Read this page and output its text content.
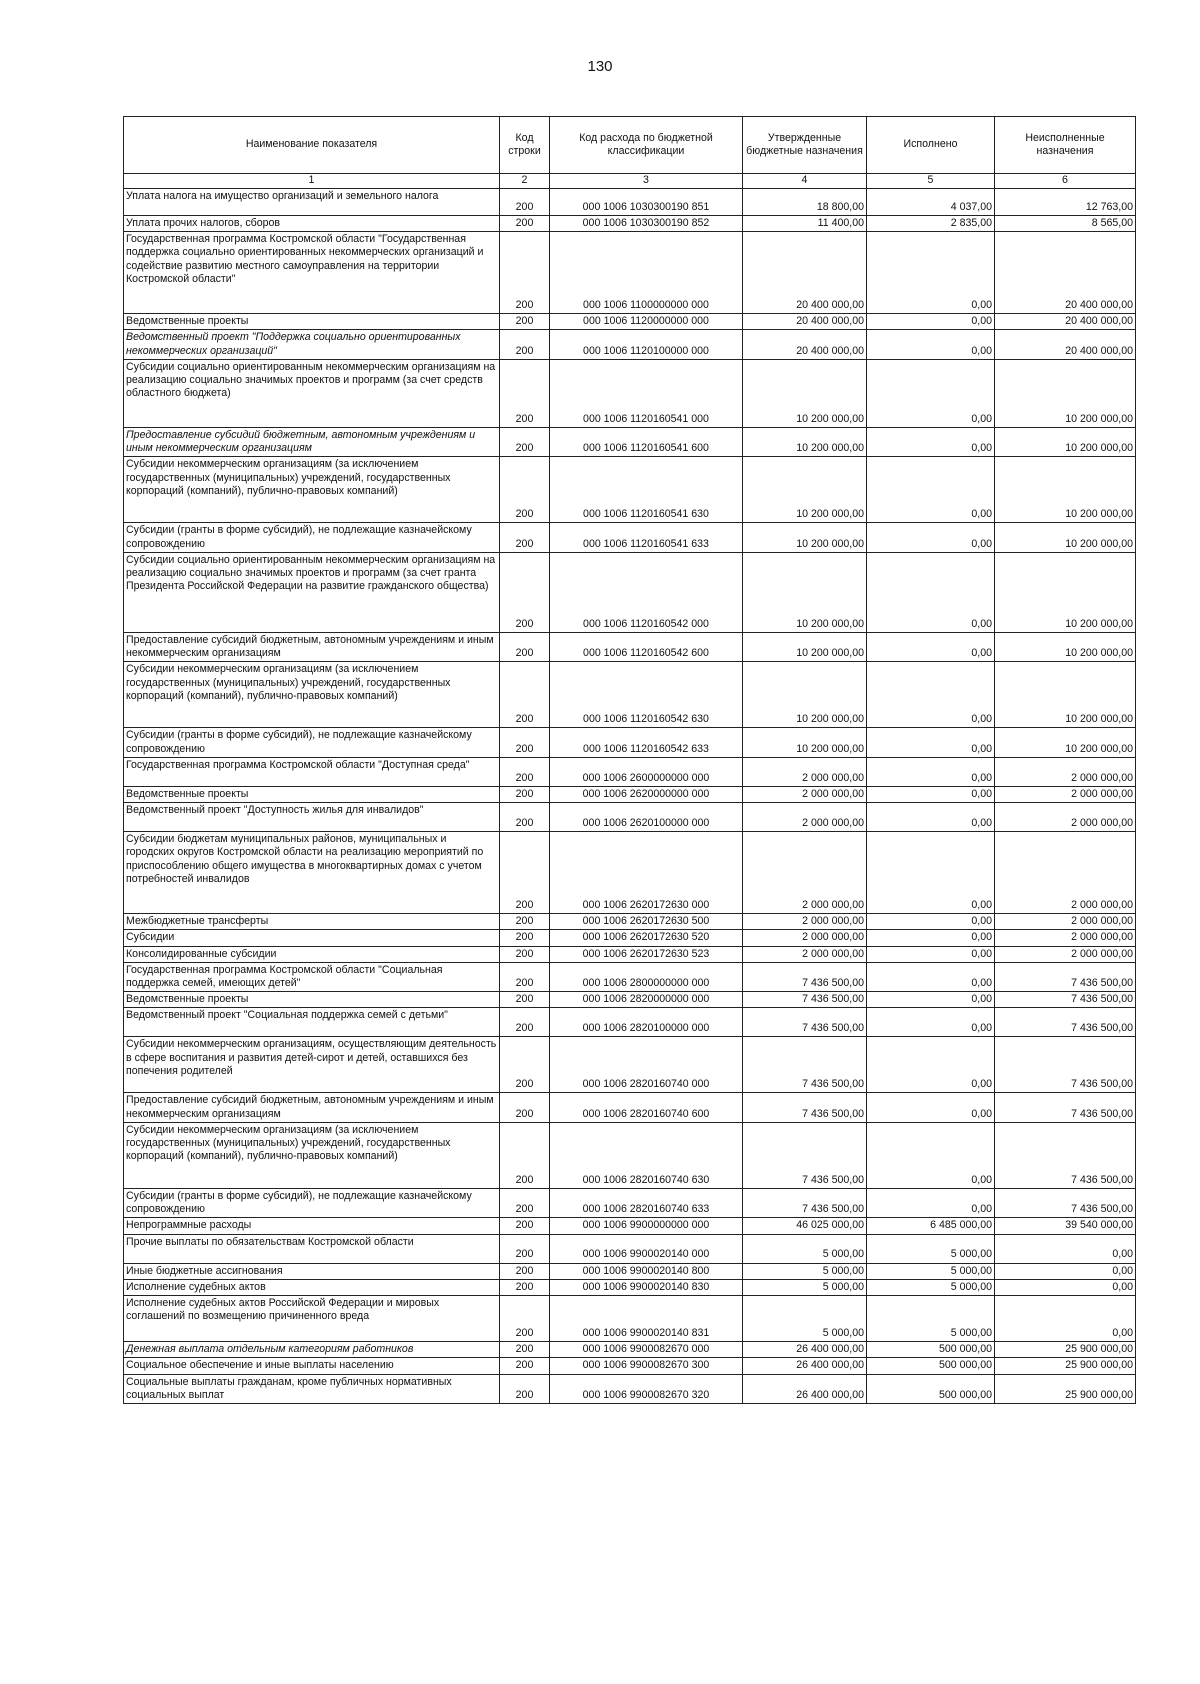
130
Наименование показателя	Код строки	Код расхода по бюджетной классификации	Утвержденные бюджетные назначения	Исполнено	Неисполненные назначения
1	2	3	4	5	6
Уплата налога на имущество организаций и земельного налога	200	000 1006 1030300190 851	18 800,00	4 037,00	12 763,00
Уплата прочих налогов, сборов	200	000 1006 1030300190 852	11 400,00	2 835,00	8 565,00
Государственная программа Костромской области "Государственная поддержка социально ориентированных некоммерческих организаций и содействие развитию местного самоуправления на территории Костромской области"	200	000 1006 1100000000 000	20 400 000,00	0,00	20 400 000,00
Ведомственные проекты	200	000 1006 1120000000 000	20 400 000,00	0,00	20 400 000,00
Ведомственный проект "Поддержка социально ориентированных некоммерческих организаций"	200	000 1006 1120100000 000	20 400 000,00	0,00	20 400 000,00
Субсидии социально ориентированным некоммерческим организациям на реализацию социально значимых проектов и программ (за счет средств областного бюджета)	200	000 1006 1120160541 000	10 200 000,00	0,00	10 200 000,00
Предоставление субсидий бюджетным, автономным учреждениям и иным некоммерческим организациям	200	000 1006 1120160541 600	10 200 000,00	0,00	10 200 000,00
Субсидии некоммерческим организациям (за исключением государственных (муниципальных) учреждений, государственных корпораций (компаний), публично-правовых компаний)	200	000 1006 1120160541 630	10 200 000,00	0,00	10 200 000,00
Субсидии (гранты в форме субсидий), не подлежащие казначейскому сопровождению	200	000 1006 1120160541 633	10 200 000,00	0,00	10 200 000,00
Субсидии социально ориентированным некоммерческим организациям на реализацию социально значимых проектов и программ (за счет гранта Президента Российской Федерации на развитие гражданского общества)	200	000 1006 1120160542 000	10 200 000,00	0,00	10 200 000,00
Предоставление субсидий бюджетным, автономным учреждениям и иным некоммерческим организациям	200	000 1006 1120160542 600	10 200 000,00	0,00	10 200 000,00
Субсидии некоммерческим организациям (за исключением государственных (муниципальных) учреждений, государственных корпораций (компаний), публично-правовых компаний)	200	000 1006 1120160542 630	10 200 000,00	0,00	10 200 000,00
Субсидии (гранты в форме субсидий), не подлежащие казначейскому сопровождению	200	000 1006 1120160542 633	10 200 000,00	0,00	10 200 000,00
Государственная программа Костромской области "Доступная среда"	200	000 1006 2600000000 000	2 000 000,00	0,00	2 000 000,00
Ведомственные проекты	200	000 1006 2620000000 000	2 000 000,00	0,00	2 000 000,00
Ведомственный проект "Доступность жилья для инвалидов"	200	000 1006 2620100000 000	2 000 000,00	0,00	2 000 000,00
Субсидии бюджетам муниципальных районов, муниципальных и городских округов Костромской области на реализацию мероприятий по приспособлению общего имущества в многоквартирных домах с учетом потребностей инвалидов	200	000 1006 2620172630 000	2 000 000,00	0,00	2 000 000,00
Межбюджетные трансферты	200	000 1006 2620172630 500	2 000 000,00	0,00	2 000 000,00
Субсидии	200	000 1006 2620172630 520	2 000 000,00	0,00	2 000 000,00
Консолидированные субсидии	200	000 1006 2620172630 523	2 000 000,00	0,00	2 000 000,00
Государственная программа Костромской области "Социальная поддержка семей, имеющих детей"	200	000 1006 2800000000 000	7 436 500,00	0,00	7 436 500,00
Ведомственные проекты	200	000 1006 2820000000 000	7 436 500,00	0,00	7 436 500,00
Ведомственный проект "Социальная поддержка семей с детьми"	200	000 1006 2820100000 000	7 436 500,00	0,00	7 436 500,00
Субсидии некоммерческим организациям, осуществляющим деятельность в сфере воспитания и развития детей-сирот и детей, оставшихся без попечения родителей	200	000 1006 2820160740 000	7 436 500,00	0,00	7 436 500,00
Предоставление субсидий бюджетным, автономным учреждениям и иным некоммерческим организациям	200	000 1006 2820160740 600	7 436 500,00	0,00	7 436 500,00
Субсидии некоммерческим организациям (за исключением государственных (муниципальных) учреждений, государственных корпораций (компаний), публично-правовых компаний)	200	000 1006 2820160740 630	7 436 500,00	0,00	7 436 500,00
Субсидии (гранты в форме субсидий), не подлежащие казначейскому сопровождению	200	000 1006 2820160740 633	7 436 500,00	0,00	7 436 500,00
Непрограммные расходы	200	000 1006 9900000000 000	46 025 000,00	6 485 000,00	39 540 000,00
Прочие выплаты по обязательствам Костромской области	200	000 1006 9900020140 000	5 000,00	5 000,00	0,00
Иные бюджетные ассигнования	200	000 1006 9900020140 800	5 000,00	5 000,00	0,00
Исполнение судебных актов	200	000 1006 9900020140 830	5 000,00	5 000,00	0,00
Исполнение судебных актов Российской Федерации и мировых соглашений по возмещению причиненного вреда	200	000 1006 9900020140 831	5 000,00	5 000,00	0,00
Денежная выплата отдельным категориям работников	200	000 1006 9900082670 000	26 400 000,00	500 000,00	25 900 000,00
Социальное обеспечение и иные выплаты населению	200	000 1006 9900082670 300	26 400 000,00	500 000,00	25 900 000,00
Социальные выплаты гражданам, кроме публичных нормативных социальных выплат	200	000 1006 9900082670 320	26 400 000,00	500 000,00	25 900 000,00
